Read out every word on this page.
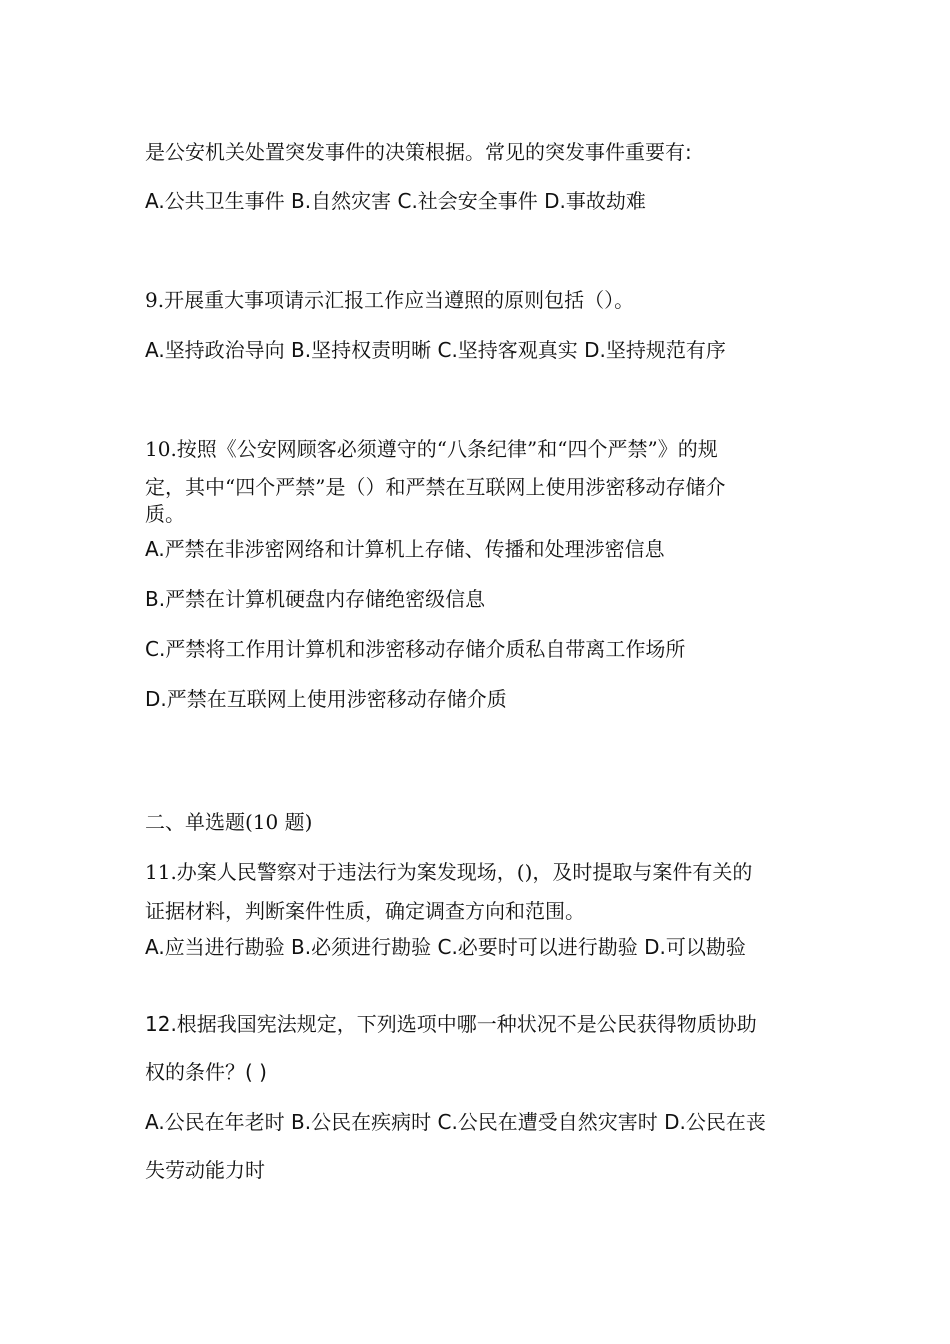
是公安机关处置突发事件的决策根据。常见的突发事件重要有:
A.公共卫生事件 B.自然灾害 C.社会安全事件 D.事故劫难
9.开展重大事项请示汇报工作应当遵照的原则包括（）。
A.坚持政治导向 B.坚持权责明晰 C.坚持客观真实 D.坚持规范有序
10.按照《公安网顾客必须遵守的“八条纪律”和“四个严禁”》的规
定，其中“四个严禁”是（）和严禁在互联网上使用涉密移动存储介
质。
A.严禁在非涉密网络和计算机上存储、传播和处理涉密信息
B.严禁在计算机硬盘内存储绝密级信息
C.严禁将工作用计算机和涉密移动存储介质私自带离工作场所
D.严禁在互联网上使用涉密移动存储介质
二、单选题(10 题)
11.办案人民警察对于违法行为案发现场，()，及时提取与案件有关的
证据材料，判断案件性质，确定调查方向和范围。
A.应当进行勘验 B.必须进行勘验 C.必要时可以进行勘验 D.可以勘验
12.根据我国宪法规定，下列选项中哪一种状况不是公民获得物质协助
权的条件？( )
A.公民在年老时 B.公民在疾病时 C.公民在遭受自然灾害时 D.公民在丧
失劳动能力时
